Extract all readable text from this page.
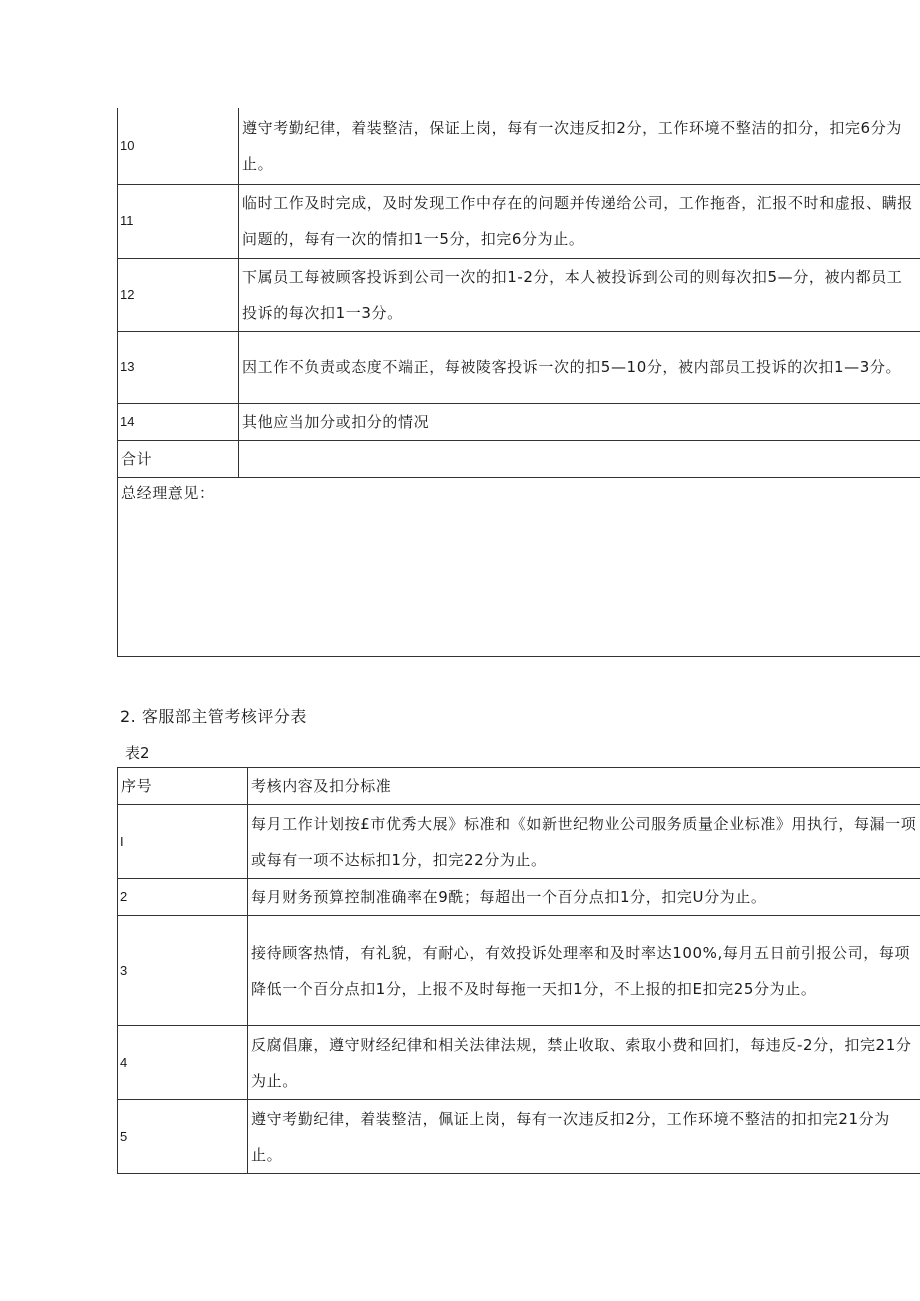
10	遵守考勤纪律，着装整洁，保证上岗，每有一次违反扣2分，工作环境不整洁的扣分，扣完6分为止。
11	临时工作及时完成，及时发现工作中存在的问题并传递给公司，工作拖沓，汇报不时和虚报、瞒报问题的，每有一次的情扣1一5分，扣完6分为止。
12	下属员工每被顾客投诉到公司一次的扣1-2分，本人被投诉到公司的则每次扣5—分，被内都员工投诉的每次扣1一3分。
13	因工作不负责或态度不端正，每被陵客投诉一次的扣5—10分，被内部员工投诉的次扣1—3分。
14	其他应当加分或扣分的情况
合计	
总经理意见：	
2. 客服部主管考核评分表
表2
序号	考核内容及扣分标准
I	每月工作计划按£市优秀大展》标准和《如新世纪物业公司服务质量企业标准》用执行，每漏一项或每有一项不达标扣1分，扣完22分为止。
2	每月财务预算控制准确率在9酰；每超出一个百分点扣1分，扣完U分为止。
3	接待顾客热情，有礼貌，有耐心，有效投诉处理率和及时率达100%,每月五日前引报公司，每项降低一个百分点扣1分，上报不及时每拖一天扣1分，不上报的扣E扣完25分为止。
4	反腐倡廉，遵守财经纪律和相关法律法规，禁止收取、索取小费和回扪，每违反-2分，扣完21分为止。
5	遵守考勤纪律，着装整洁，佩证上岗，每有一次违反扣2分，工作环境不整洁的扣扣完21分为止。
